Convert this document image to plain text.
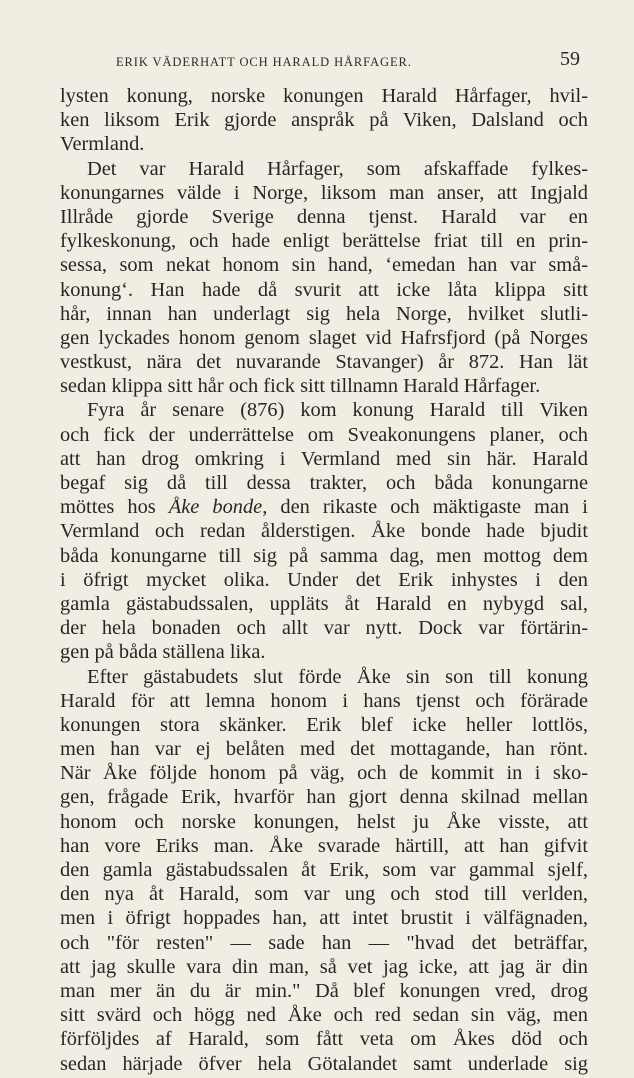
ERIK VÄDERHATT OCH HARALD HÅRFAGER.	59
lysten konung, norske konungen Harald Hårfager, hvil-
ken liksom Erik gjorde anspråk på Viken, Dalsland och
Vermland.
Det var Harald Hårfager, som afskaffade fylkes-
konungarnes välde i Norge, liksom man anser, att Ingjald
Illråde gjorde Sverige denna tjenst. Harald var en
fylkeskonung, och hade enligt berättelse friat till en prin-
sessa, som nekat honom sin hand, ‘emedan han var små-
konung‘. Han hade då svurit att icke låta klippa sitt
hår, innan han underlagt sig hela Norge, hvilket slutli-
gen lyckades honom genom slaget vid Hafrsfjord (på Norges
vestkust, nära det nuvarande Stavanger) år 872. Han lät
sedan klippa sitt hår och fick sitt tillnamn Harald Hårfager.
Fyra år senare (876) kom konung Harald till Viken
och fick der underrättelse om Sveakonungens planer, och
att han drog omkring i Vermland med sin här. Harald
begaf sig då till dessa trakter, och båda konungarne
möttes hos Åke bonde, den rikaste och mäktigaste man i
Vermland och redan ålderstigen. Åke bonde hade bjudit
båda konungarne till sig på samma dag, men mottog dem
i öfrigt mycket olika. Under det Erik inhystes i den
gamla gästabudssalen, uppläts åt Harald en nybygd sal,
der hela bonaden och allt var nytt. Dock var förtärin-
gen på båda ställena lika.
Efter gästabudets slut förde Åke sin son till konung
Harald för att lemna honom i hans tjenst och förärade
konungen stora skänker. Erik blef icke heller lottlös,
men han var ej belåten med det mottagande, han rönt.
När Åke följde honom på väg, och de kommit in i sko-
gen, frågade Erik, hvarför han gjort denna skilnad mellan
honom och norske konungen, helst ju Åke visste, att
han vore Eriks man. Åke svarade härtill, att han gifvit
den gamla gästabudssalen åt Erik, som var gammal sjelf,
den nya åt Harald, som var ung och stod till verlden,
men i öfrigt hoppades han, att intet brustit i välfägnaden,
och "för resten" — sade han — "hvad det beträffar,
att jag skulle vara din man, så vet jag icke, att jag är din
man mer än du är min." Då blef konungen vred, drog
sitt svärd och högg ned Åke och red sedan sin väg, men
förföljdes af Harald, som fått veta om Åkes död och
sedan härjade öfver hela Götalandet samt underlade sig
